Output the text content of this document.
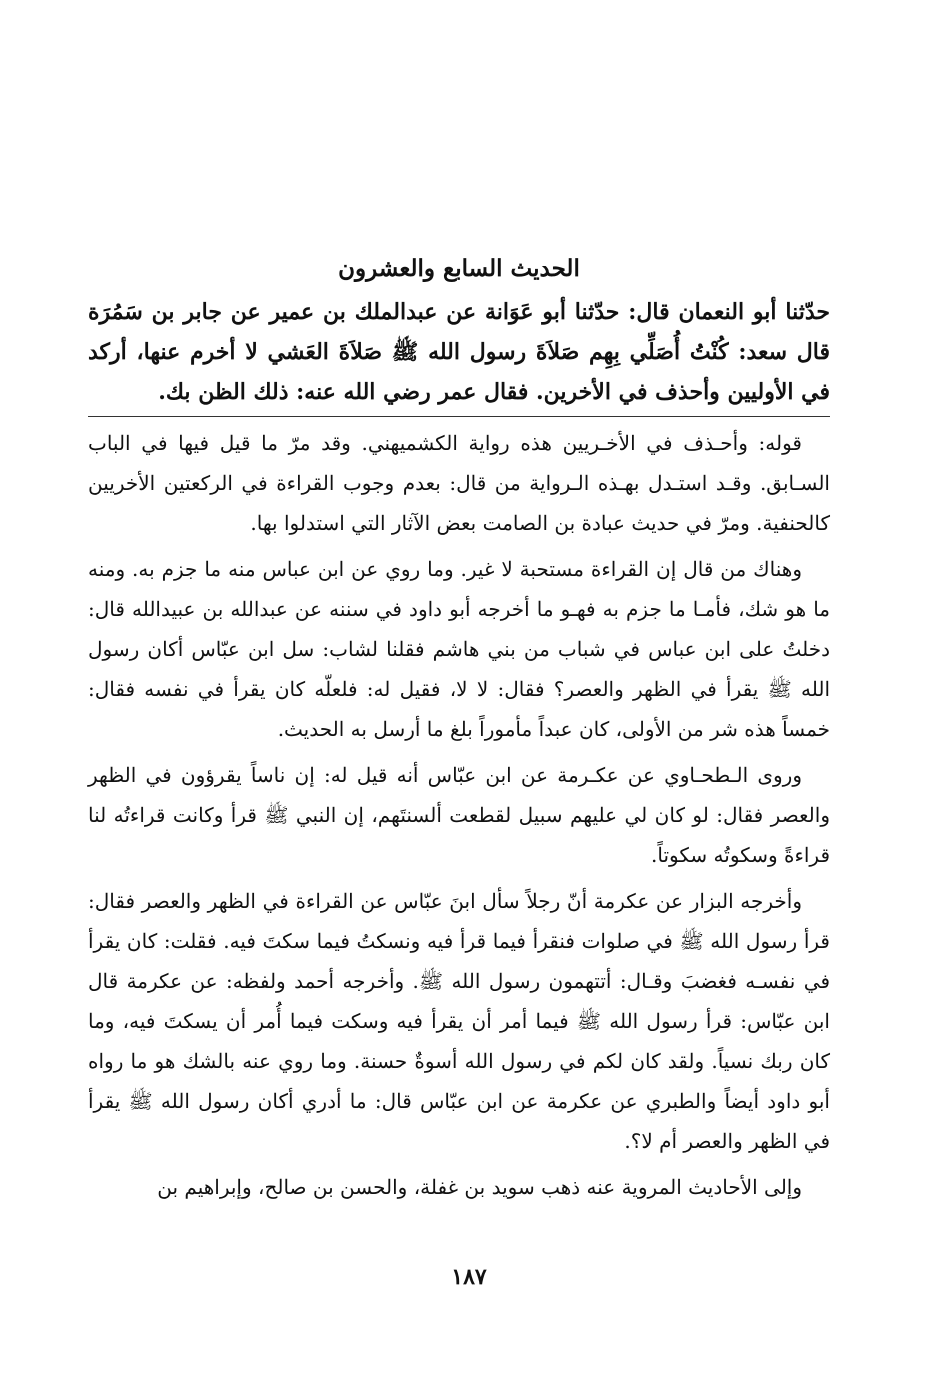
الحديث السابع والعشرون

حدّثنا أبو النعمان قال: حدّثنا أبو عَوَانة عن عبدالملك بن عمير عن جابر بن سَمُرَة قال سعد: كُنْتُ أُصَلِّي بِهِم صَلاَةَ رسول الله ﷺ صَلاَةَ العَشي لا أخرم عنها، أركد في الأوليين وأحذف في الأخرين. فقال عمر رضي الله عنه: ذلك الظن بك.

قوله: وأحـذف في الأخـريين هذه رواية الكشميهني. وقد مرّ ما قيل فيها في الباب السـابق. وقـد استـدل بهـذه الـرواية من قال: بعدم وجوب القراءة في الركعتين الأخريين كالحنفية. ومرّ في حديث عبادة بن الصامت بعض الآثار التي استدلوا بها.

وهناك من قال إن القراءة مستحبة لا غير. وما روي عن ابن عباس منه ما جزم به. ومنه ما هو شك، فأمـا ما جزم به فهـو ما أخرجه أبو داود في سننه عن عبدالله بن عبيدالله قال: دخلتُ على ابن عباس في شباب من بني هاشم فقلنا لشاب: سل ابن عبّاس أكان رسول الله ﷺ يقرأ في الظهر والعصر؟ فقال: لا لا، فقيل له: فلعلّه كان يقرأ في نفسه فقال: خمساً هذه شر من الأولى، كان عبداً مأموراً بلغ ما أرسل به الحديث.

وروى الـطحـاوي عن عكـرمة عن ابن عبّاس أنه قيل له: إن ناساً يقرؤون في الظهر والعصر فقال: لو كان لي عليهم سبيل لقطعت ألسنتَهم، إن النبي ﷺ قرأ وكانت قراءتُه لنا قراءةً وسكوتُه سكوتاً.

وأخرجه البزار عن عكرمة أنّ رجلاً سأل ابنَ عبّاس عن القراءة في الظهر والعصر فقال: قرأ رسول الله ﷺ في صلوات فنقرأ فيما قرأ فيه ونسكتُ فيما سكتَ فيه. فقلت: كان يقرأ في نفسـه فغضبَ وقـال: أتتهمون رسول الله ﷺ. وأخرجه أحمد ولفظه: عن عكرمة قال ابن عبّاس: قرأ رسول الله ﷺ فيما أمر أن يقرأ فيه وسكت فيما أُمر أن يسكتَ فيه، وما كان ربك نسياً. ولقد كان لكم في رسول الله أسوةٌ حسنة. وما روي عنه بالشك هو ما رواه أبو داود أيضاً والطبري عن عكرمة عن ابن عبّاس قال: ما أدري أكان رسول الله ﷺ يقرأ في الظهر والعصر أم لا؟.

وإلى الأحاديث المروية عنه ذهب سويد بن غفلة، والحسن بن صالح، وإبراهيم بن

١٨٧
